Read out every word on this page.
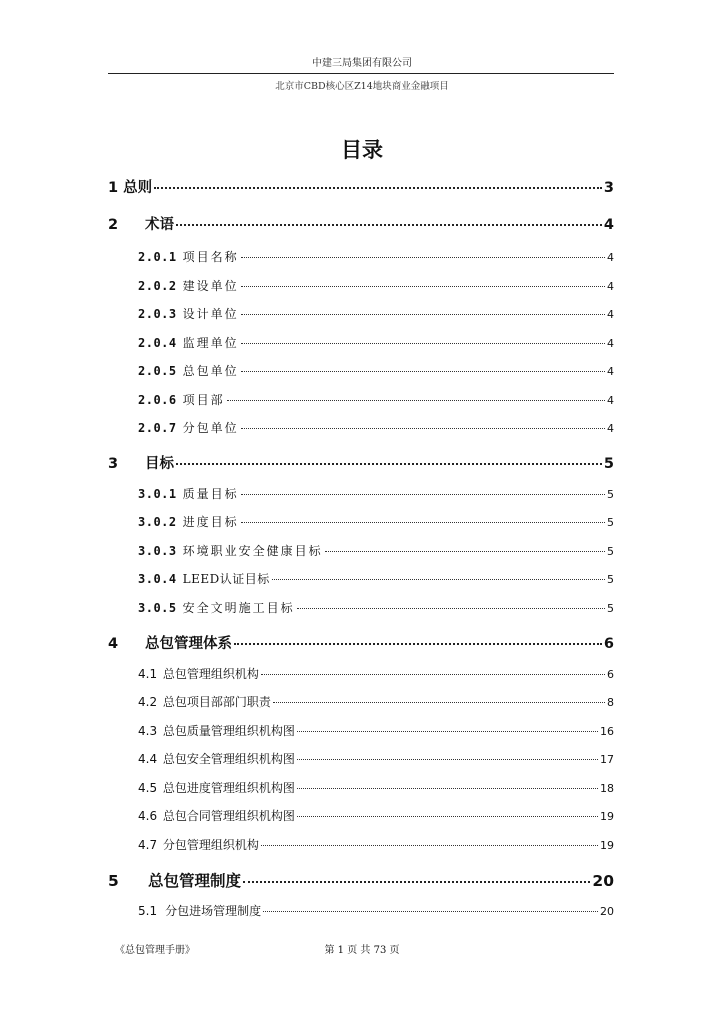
中建三局集团有限公司
北京市CBD核心区Z14地块商业金融项目
目录
1 总则	3
2 术语	4
2.0.1 项目名称	4
2.0.2 建设单位	4
2.0.3 设计单位	4
2.0.4 监理单位	4
2.0.5 总包单位	4
2.0.6 项目部	4
2.0.7 分包单位	4
3 目标	5
3.0.1 质量目标	5
3.0.2 进度目标	5
3.0.3 环境职业安全健康目标	5
3.0.4 LEED认证目标	5
3.0.5 安全文明施工目标	5
4 总包管理体系	6
4.1 总包管理组织机构	6
4.2 总包项目部部门职责	8
4.3 总包质量管理组织机构图	16
4.4 总包安全管理组织机构图	17
4.5 总包进度管理组织机构图	18
4.6 总包合同管理组织机构图	19
4.7 分包管理组织机构	19
5 总包管理制度	20
5.1 分包进场管理制度	20
《总包管理手册》	第 1 页 共 73 页
